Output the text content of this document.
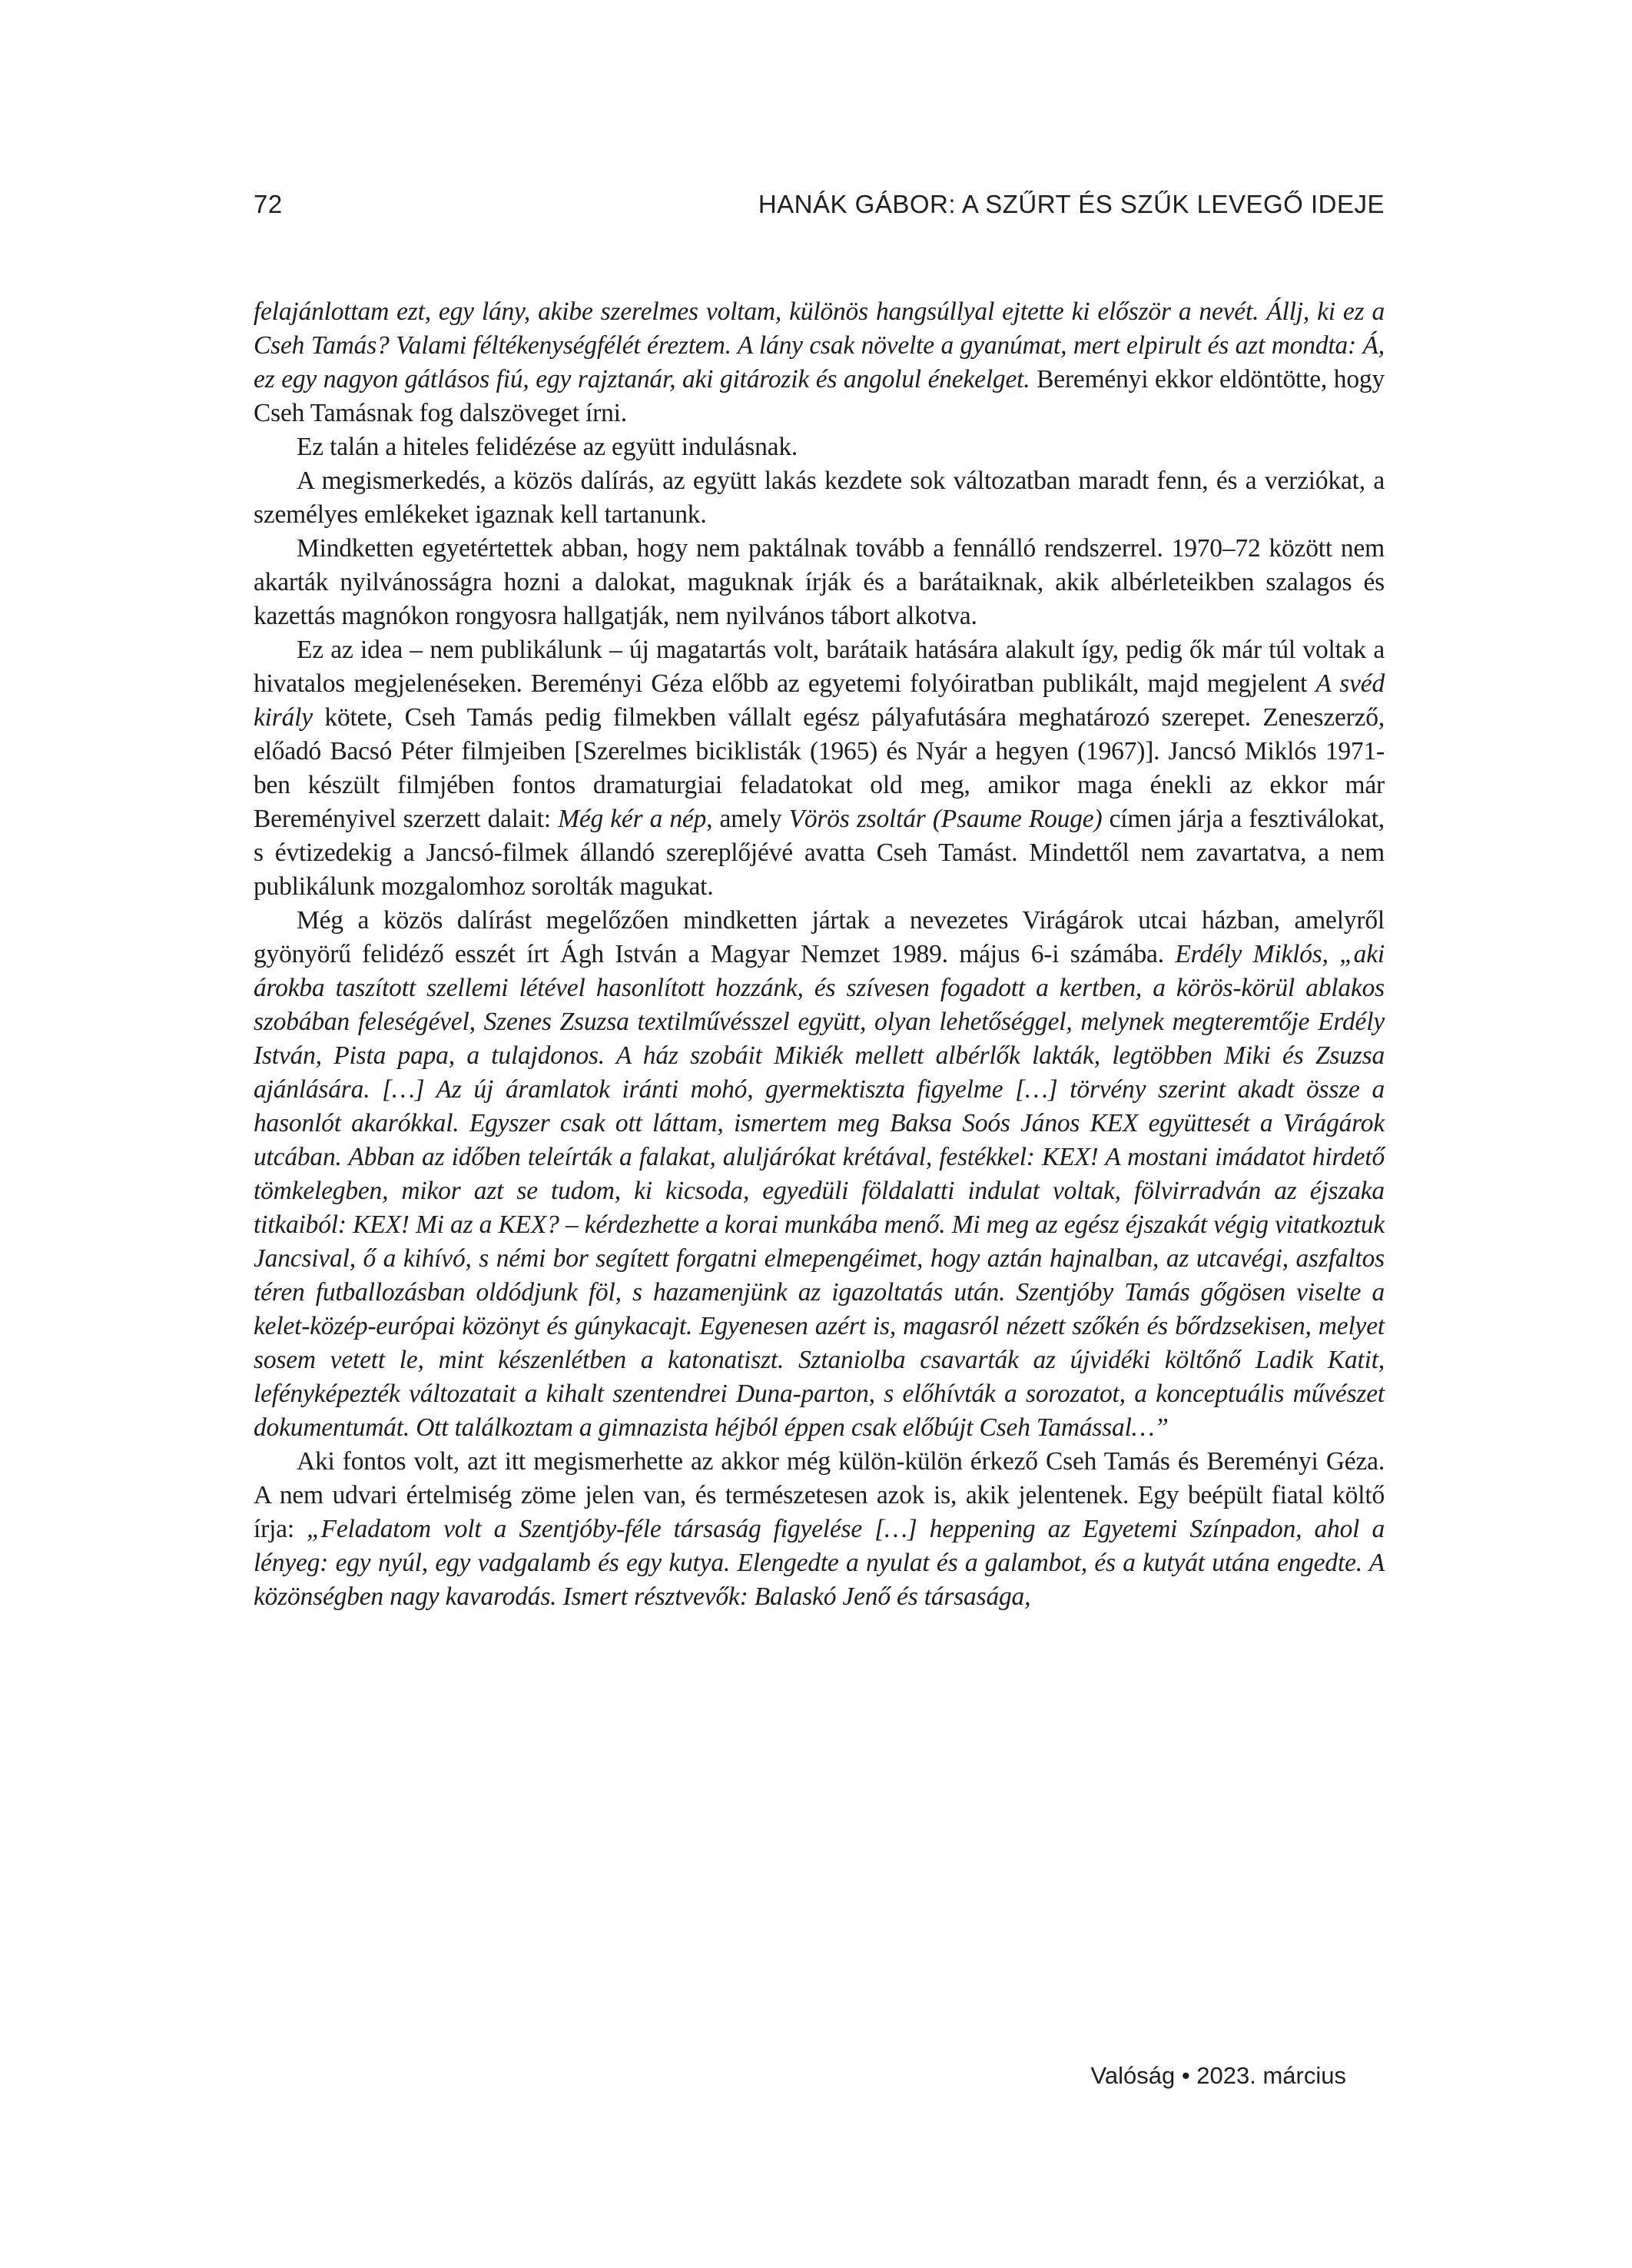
72	HANÁK GÁBOR: A SZŰRT ÉS SZŰK LEVEGŐ IDEJE

felajánlottam ezt, egy lány, akibe szerelmes voltam, különös hangsúllyal ejtette ki először a nevét. Állj, ki ez a Cseh Tamás? Valami féltékenységfélét éreztem. A lány csak növelte a gyanúmat, mert elpirult és azt mondta: Á, ez egy nagyon gátlásos fiú, egy rajztanár, aki gitározik és angolul énekelget. Bereményi ekkor eldöntötte, hogy Cseh Tamásnak fog dalszöveget írni.

Ez talán a hiteles felidézése az együtt indulásnak.

A megismerkedés, a közös dalírás, az együtt lakás kezdete sok változatban maradt fenn, és a verziókat, a személyes emlékeket igaznak kell tartanunk.

Mindketten egyetértettek abban, hogy nem paktálnak tovább a fennálló rendszerrel. 1970–72 között nem akarták nyilvánosságra hozni a dalokat, maguknak írják és a barátaiknak, akik albérleteikben szalagos és kazettás magnókon rongyosra hallgatják, nem nyilvános tábort alkotva.

Ez az idea – nem publikálunk – új magatartás volt, barátaik hatására alakult így, pedig ők már túl voltak a hivatalos megjelenéseken. Bereményi Géza előbb az egyetemi folyóiratban publikált, majd megjelent A svéd király kötete, Cseh Tamás pedig filmekben vállalt egész pályafutására meghatározó szerepet. Zeneszerző, előadó Bacsó Péter filmjeiben [Szerelmes biciklisták (1965) és Nyár a hegyen (1967)]. Jancsó Miklós 1971-ben készült filmjében fontos dramaturgiai feladatokat old meg, amikor maga énekli az ekkor már Bereményivel szerzett dalait: Még kér a nép, amely Vörös zsoltár (Psaume Rouge) címen járja a fesztiválokat, s évtizedekig a Jancsó-filmek állandó szereplőjévé avatta Cseh Tamást. Mindettől nem zavartatva, a nem publikálunk mozgalomhoz sorolták magukat.

Még a közös dalírást megelőzően mindketten jártak a nevezetes Virágárok utcai házban, amelyről gyönyörű felidéző esszét írt Ágh István a Magyar Nemzet 1989. május 6-i számába. Erdély Miklós, „aki árokba taszított szellemi létével hasonlított hozzánk, és szívesen fogadott a kertben, a körös-körül ablakos szobában feleségével, Szenes Zsuzsa textilművésszel együtt, olyan lehetőséggel, melynek megteremtője Erdély István, Pista papa, a tulajdonos. A ház szobáit Mikiék mellett albérlők lakták, legtöbben Miki és Zsuzsa ajánlására. […] Az új áramlatok iránti mohó, gyermektiszta figyelme […] törvény szerint akadt össze a hasonlót akarókkal. Egyszer csak ott láttam, ismertem meg Baksa Soós János KEX együttesét a Virágárok utcában. Abban az időben teleírták a falakat, aluljárókat krétával, festékkel: KEX! A mostani imádatot hirdető tömkelegben, mikor azt se tudom, ki kicsoda, egyedüli földalatti indulat voltak, fölvirradván az éjszaka titkaiból: KEX! Mi az a KEX? – kérdezhette a korai munkába menő. Mi meg az egész éjszakát végig vitatkoztuk Jancsival, ő a kihívó, s némi bor segített forgatni elmepengéimet, hogy aztán hajnalban, az utcavégi, aszfaltos téren futballozásban oldódjunk föl, s hazamenjünk az igazoltatás után. Szentjóby Tamás gőgösen viselte a kelet-közép-európai közönyt és gúnykacajt. Egyenesen azért is, magasról nézett szőkén és bőrdzsekisen, melyet sosem vetett le, mint készenlétben a katonatiszt. Sztaniolba csavarták az újvidéki költőnő Ladik Katit, lefényképezték változatait a kihalt szentendrei Duna-parton, s előhívták a sorozatot, a konceptuális művészet dokumentumát. Ott találkoztam a gimnazista héjból éppen csak előbújt Cseh Tamással…”

Aki fontos volt, azt itt megismerhette az akkor még külön-külön érkező Cseh Tamás és Bereményi Géza. A nem udvari értelmiség zöme jelen van, és természetesen azok is, akik jelentenek. Egy beépült fiatal költő írja: „Feladatom volt a Szentjóby-féle társaság figyelése […] heppening az Egyetemi Színpadon, ahol a lényeg: egy nyúl, egy vadgalamb és egy kutya. Elengedte a nyulat és a galambot, és a kutyát utána engedte. A közönségben nagy kavarodás. Ismert résztvevők: Balaskó Jenő és társasága,

Valóság • 2023. március
